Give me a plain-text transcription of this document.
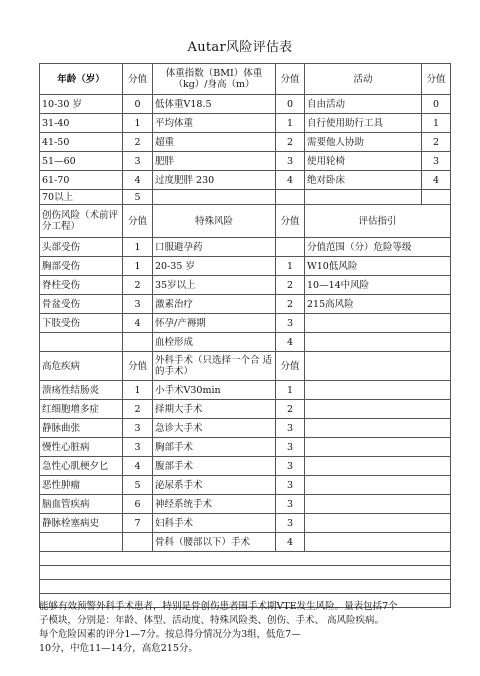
Autar风险评估表
年龄（岁）	分值	体重指数（BMI）体重（kg）/身高（m）	分值	活动	分值
10-30 岁	0	低体重V18.5	0	自由活动	0
31-40	1	平均体重	1	自行使用助行工具	1
41-50	2	超重	2	需要他人协助	2
51—60	3	肥胖	3	使用轮椅	3
61-70	4	过度肥胖 230	4	绝对卧床	4
70以上	5				
创伤风险（术前评分工程）	分值	特殊风险	分值	评估指引	
头部受伤	1	口服避孕药		分值范围（分）危险等级	
胸部受伤	1	20-35 岁	1	W10低风险	
脊柱受伤	2	35岁以上	2	10—14中风险	
骨盆受伤	3	激素治疗	2	215高风险	
下肢受伤	4	怀孕/产褥期	3		
		血栓形成	4		
高危疾病	分值	外科手术（只选择一个合 适的手术）	分值		
溃疡性结肠炎	1	小手术V30min	1		
红细胞增多症	2	择期大手术	2		
静脉曲张	3	急诊大手术	3		
慢性心脏病	3	胸部手术	3		
急性心肌梗夕匕	4	腹部手术	3		
恶性肿瘤	5	泌尿系手术	3		
脑血管疾病	6	神经系统手术	3		
静脉栓塞病史	7	妇科手术	3		
		骨科（腰部以下）手术	4		

能够有效预警外科手术患者，特别是骨创伤患者围手术期VTE发生风险。量表包括7个
子模块，分别是：年龄、体型、活动度、特殊风险类、创伤、手术、 高风险疾病。
每个危险因素的评分1—7分。按总得分情况分为3组，低危7—
10分，中危11—14分，高危215分。
